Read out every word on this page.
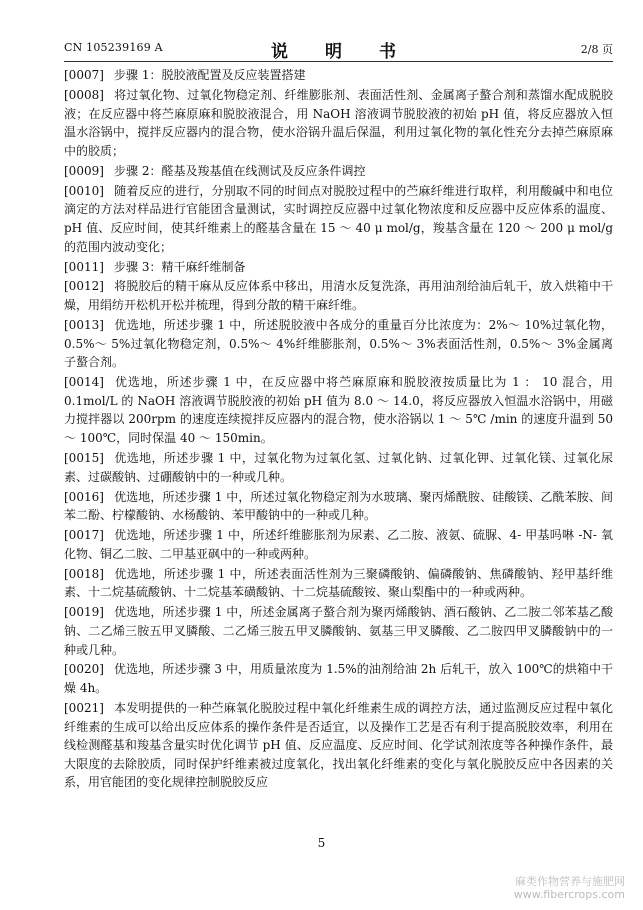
CN 105239169 A	说　明　书	2/8 页
[0007] 步骤 1：脱胶液配置及反应装置搭建
[0008] 将过氧化物、过氧化物稳定剂、纤维膨胀剂、表面活性剂、金属离子螯合剂和蒸馏水配成脱胶液；在反应器中将苎麻原麻和脱胶液混合，用 NaOH 溶液调节脱胶液的初始 pH 值，将反应器放入恒温水浴锅中，搅拌反应器内的混合物，使水浴锅升温后保温，利用过氧化物的氧化性充分去掉苎麻原麻中的胶质；
[0009] 步骤 2：醛基及羧基值在线测试及反应条件调控
[0010] 随着反应的进行，分别取不同的时间点对脱胶过程中的苎麻纤维进行取样，利用酸碱中和电位滴定的方法对样品进行官能团含量测试，实时调控反应器中过氧化物浓度和反应器中反应体系的温度、pH 值、反应时间，使其纤维素上的醛基含量在 15 ～ 40 μ mol/g，羧基含量在 120 ～ 200 μ mol/g 的范围内波动变化；
[0011] 步骤 3：精干麻纤维制备
[0012] 将脱胶后的精干麻从反应体系中移出，用清水反复洗涤，再用油剂给油后轧干，放入烘箱中干燥，用绢纺开松机开松并梳理，得到分散的精干麻纤维。
[0013] 优选地，所述步骤 1 中，所述脱胶液中各成分的重量百分比浓度为：2%～ 10%过氧化物，0.5%～ 5%过氧化物稳定剂，0.5%～ 4%纤维膨胀剂，0.5%～ 3%表面活性剂，0.5%～ 3%金属离子螯合剂。
[0014] 优选地，所述步骤 1 中，在反应器中将苎麻原麻和脱胶液按质量比为 1 ： 10 混合，用 0.1mol/L 的 NaOH 溶液调节脱胶液的初始 pH 值为 8.0 ～ 14.0，将反应器放入恒温水浴锅中，用磁力搅拌器以 200rpm 的速度连续搅拌反应器内的混合物，使水浴锅以 1 ～ 5℃ /min 的速度升温到 50 ～ 100℃，同时保温 40 ～ 150min。
[0015] 优选地，所述步骤 1 中，过氧化物为过氧化氢、过氧化钠、过氧化钾、过氧化镁、过氧化尿素、过碳酸钠、过硼酸钠中的一种或几种。
[0016] 优选地，所述步骤 1 中，所述过氧化物稳定剂为水玻璃、聚丙烯酰胺、硅酸镁、乙酰苯胺、间苯二酚、柠檬酸钠、水杨酸钠、苯甲酸钠中的一种或几种。
[0017] 优选地，所述步骤 1 中，所述纤维膨胀剂为尿素、乙二胺、液氨、硫脲、4- 甲基吗啉 -N- 氧化物、铜乙二胺、二甲基亚砜中的一种或两种。
[0018] 优选地，所述步骤 1 中，所述表面活性剂为三聚磷酸钠、偏磷酸钠、焦磷酸钠、羟甲基纤维素、十二烷基硫酸钠、十二烷基苯磺酸钠、十二烷基硫酸铵、聚山梨酯中的一种或两种。
[0019] 优选地，所述步骤 1 中，所述金属离子螯合剂为聚丙烯酸钠、酒石酸钠、乙二胺二邻苯基乙酸钠、二乙烯三胺五甲叉膦酸、二乙烯三胺五甲叉膦酸钠、氨基三甲叉膦酸、乙二胺四甲叉膦酸钠中的一种或几种。
[0020] 优选地，所述步骤 3 中，用质量浓度为 1.5%的油剂给油 2h 后轧干，放入 100℃的烘箱中干燥 4h。
[0021] 本发明提供的一种苎麻氧化脱胶过程中氧化纤维素生成的调控方法，通过监测反应过程中氧化纤维素的生成可以给出反应体系的操作条件是否适宜，以及操作工艺是否有利于提高脱胶效率，利用在线检测醛基和羧基含量实时优化调节 pH 值、反应温度、反应时间、化学试剂浓度等各种操作条件，最大限度的去除胶质，同时保护纤维素被过度氧化，找出氧化纤维素的变化与氧化脱胶反应中各因素的关系，用官能团的变化规律控制脱胶反应
5
麻类作物营养与施肥网
www.fibercrops.com
